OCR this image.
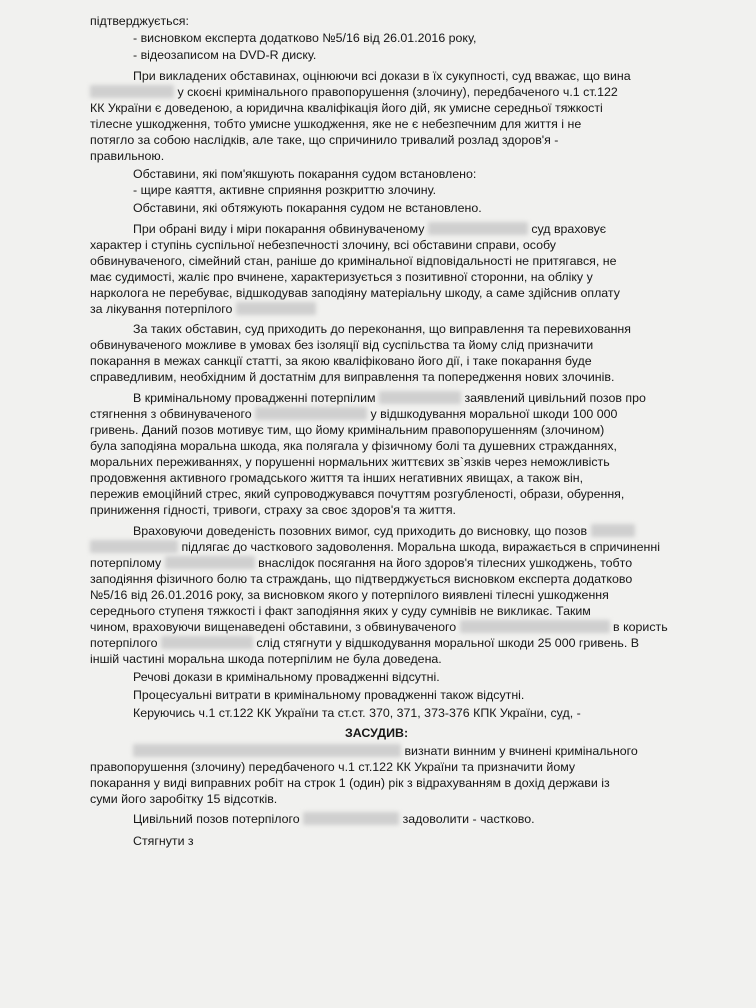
підтверджується:
- висновком експерта додатково №5/16 від 26.01.2016 року,
- відеозаписом на DVD-R диску.
При викладених обставинах, оцінюючи всі докази в їх сукупності, суд вважає, що вина
у скоєні кримінального правопорушення (злочину), передбаченого ч.1 ст.122
КК України є доведеною, а юридична кваліфікація його дій, як умисне середньої тяжкості
тілесне ушкодження, тобто умисне ушкодження, яке не є небезпечним для життя і не
потягло за собою наслідків, але таке, що спричинило тривалий розлад здоров'я -
правильною.
Обставини, які пом'якшують покарання судом встановлено:
- щире каяття, активне сприяння розкриттю злочину.
Обставини, які обтяжують покарання судом не встановлено.
При обрані виду і міри покарання обвинуваченому	суд враховує
характер і ступінь суспільної небезпечності злочину, всі обставини справи, особу
обвинуваченого, сімейний стан, раніше до кримінальної відповідальності не притягався, не
має судимості, жаліє про вчинене, характеризується з позитивної сторонни, на обліку у
наркологa не перебуває, відшкодував заподіяну матеріальну шкоду, а саме здійснив оплату
за лікування потерпілого
За таких обставин, суд приходить до переконання, що виправлення та перевиховання
обвинуваченого можливе в умовах без ізоляції від суспільства та йому слід призначити
покарання в межах санкції статті, за якою кваліфіковано його дії, і таке покарання буде
справедливим, необхідним й достатнім для виправлення та попередження нових злочинів.
В кримінальному провадженні потерпілим	заявлений цивільний позов про
стягнення з обвинуваченого	у відшкодування моральної шкоди 100 000
гривень. Даний позов мотивує тим, що йому кримінальним правопорушенням (злочином)
була заподіяна моральна шкода, яка полягала у фізичному болі та душевних стражданнях,
моральних переживаннях, у порушенні нормальних життєвих зв`язків через неможливість
продовження активного громадського життя та інших негативних явищах, а також він,
пережив емоційний стрес, який супроводжувався почуттям розгубленості, образи, обурення,
приниження гідності, тривоги, страху за своє здоров'я та життя.
Враховуючи доведеність позовних вимог, суд приходить до висновку, що позов
підлягає до часткового задоволення. Моральна шкода, виражається в спричиненні
потерпілому	внаслідок посягання на його здоров'я тілесних ушкоджень, тобто
заподіяння фізичного болю та страждань, що підтверджується висновком експерта додатково
№5/16 від 26.01.2016 року, за висновком якого у потерпілого виявлені тілесні ушкодження
середнього ступеня тяжкості і факт заподіяння яких у суду сумнівів не викликає. Таким
чином, враховуючи вищенаведені обставини, з обвинуваченого	в користь
потерпілого	слід стягнути у відшкодування моральної шкоди 25 000 гривень. В
іншій частині моральна шкода потерпілим не була доведена.
Речові докази в кримінальному провадженні відсутні.
Процесуальні витрати в кримінальному провадженні також відсутні.
Керуючись ч.1 ст.122 КК України та ст.ст. 370, 371, 373-376 КПК України, суд, -
ЗАСУДИВ:
визнати винним у вчинені кримінального
правопорушення (злочину) передбаченого ч.1 ст.122 КК України та призначити йому
покарання у виді виправних робіт на строк 1 (один) рік з відрахуванням в дохід держави із
суми його заробітку 15 відсотків.
Цивільний позов потерпілого	задоволити - частково.
Стягнути з
